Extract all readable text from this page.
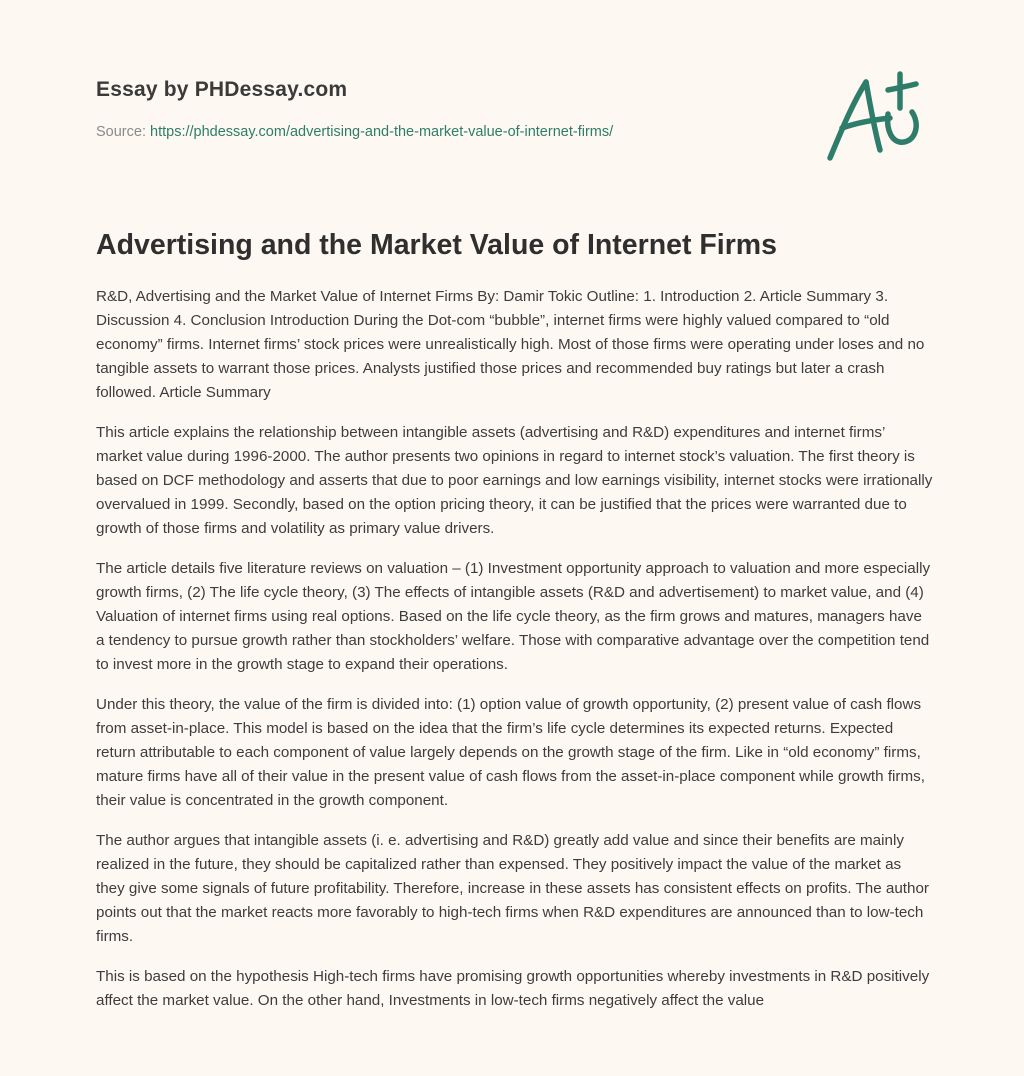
Essay by PHDessay.com
Source: https://phdessay.com/advertising-and-the-market-value-of-internet-firms/
Advertising and the Market Value of Internet Firms

R&D, Advertising and the Market Value of Internet Firms By: Damir Tokic Outline: 1. Introduction 2. Article Summary 3. Discussion 4. Conclusion Introduction During the Dot-com “bubble”, internet firms were highly valued compared to “old economy” firms. Internet firms’ stock prices were unrealistically high. Most of those firms were operating under loses and no tangible assets to warrant those prices. Analysts justified those prices and recommended buy ratings but later a crash followed. Article Summary

This article explains the relationship between intangible assets (advertising and R&D) expenditures and internet firms’ market value during 1996-2000. The author presents two opinions in regard to internet stock’s valuation. The first theory is based on DCF methodology and asserts that due to poor earnings and low earnings visibility, internet stocks were irrationally overvalued in 1999. Secondly, based on the option pricing theory, it can be justified that the prices were warranted due to growth of those firms and volatility as primary value drivers.

The article details five literature reviews on valuation – (1) Investment opportunity approach to valuation and more especially growth firms, (2) The life cycle theory, (3) The effects of intangible assets (R&D and advertisement) to market value, and (4) Valuation of internet firms using real options. Based on the life cycle theory, as the firm grows and matures, managers have a tendency to pursue growth rather than stockholders’ welfare. Those with comparative advantage over the competition tend to invest more in the growth stage to expand their operations.

Under this theory, the value of the firm is divided into: (1) option value of growth opportunity, (2) present value of cash flows from asset-in-place. This model is based on the idea that the firm’s life cycle determines its expected returns. Expected return attributable to each component of value largely depends on the growth stage of the firm. Like in “old economy” firms, mature firms have all of their value in the present value of cash flows from the asset-in-place component while growth firms, their value is concentrated in the growth component.

The author argues that intangible assets (i. e. advertising and R&D) greatly add value and since their benefits are mainly realized in the future, they should be capitalized rather than expensed. They positively impact the value of the market as they give some signals of future profitability. Therefore, increase in these assets has consistent effects on profits. The author points out that the market reacts more favorably to high-tech firms when R&D expenditures are announced than to low-tech firms.

This is based on the hypothesis High-tech firms have promising growth opportunities whereby investments in R&D positively affect the market value. On the other hand, Investments in low-tech firms negatively affect the value
